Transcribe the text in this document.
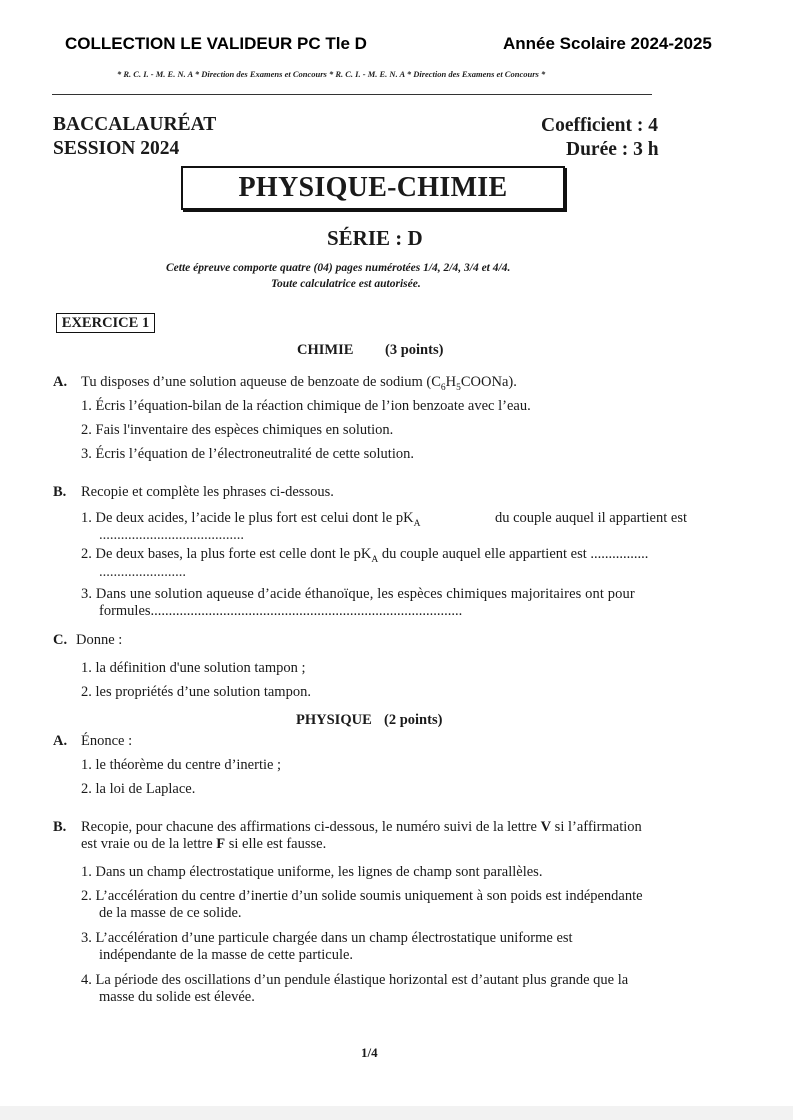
COLLECTION LE VALIDEUR PC Tle D	Année Scolaire 2024-2025
* R. C. I. - M. E. N. A * Direction des Examens et Concours * R. C. I. - M. E. N. A * Direction des Examens et Concours *
BACCALAURÉAT
SESSION 2024
Coefficient : 4
Durée : 3 h
PHYSIQUE-CHIMIE
SÉRIE : D
Cette épreuve comporte quatre (04) pages numérotées 1/4, 2/4, 3/4 et 4/4.
Toute calculatrice est autorisée.
EXERCICE 1
CHIMIE (3 points)
A. Tu disposes d’une solution aqueuse de benzoate de sodium $(C_6H_5COONa)$.
1. Écris l’équation-bilan de la réaction chimique de l’ion benzoate avec l’eau.
2. Fais l'inventaire des espèces chimiques en solution.
3. Écris l’équation de l’électroneutralité de cette solution.
B. Recopie et complète les phrases ci-dessous.
1. De deux acides, l’acide le plus fort est celui dont le $pK_A$	du couple auquel il appartient est
........................................
2. De deux bases, la plus forte est celle dont le $pK_A$ du couple auquel elle appartient est ................
........................
3. Dans une solution aqueuse d’acide éthanoïque, les espèces chimiques majoritaires ont pour
formules......................................................................................
C. Donne :
1. la définition d'une solution tampon ;
2. les propriétés d’une solution tampon.
PHYSIQUE (2 points)
A. Énonce :
1. le théorème du centre d’inertie ;
2. la loi de Laplace.
B. Recopie, pour chacune des affirmations ci-dessous, le numéro suivi de la lettre V si l’affirmation
est vraie ou de la lettre F si elle est fausse.
1. Dans un champ électrostatique uniforme, les lignes de champ sont parallèles.
2. L’accélération du centre d’inertie d’un solide soumis uniquement à son poids est indépendante
de la masse de ce solide.
3. L’accélération d’une particule chargée dans un champ électrostatique uniforme est
indépendante de la masse de cette particule.
4. La période des oscillations d’un pendule élastique horizontal est d’autant plus grande que la
masse du solide est élevée.
1/4
